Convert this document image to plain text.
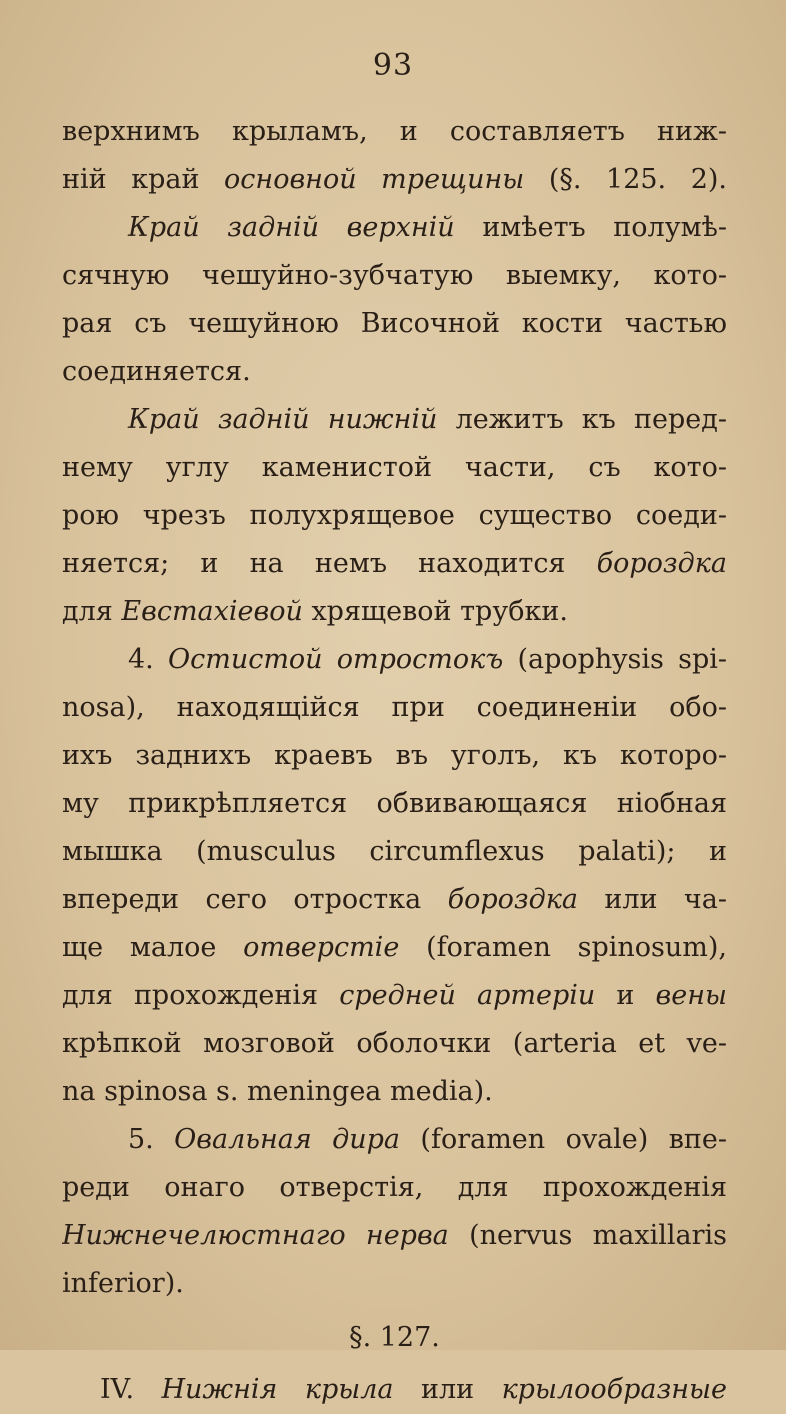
93
верхнимъ крыламъ, и составляетъ ниж-
ній край основной трещины (§. 125. 2).
Край задній верхній имѣетъ полумѣ-
сячную чешуйно-зубчатую выемку, кото-
рая съ чешуйною Височной кости частью
соединяется.
Край задній нижній лежитъ къ перед-
нему углу каменистой части, съ кото-
рою чрезъ полухрящевое существо соеди-
няется; и на немъ находится бороздка
для Евстахіевой хрящевой трубки.
4. Остистой отростокъ (apophysis spi-
nosa), находящійся при соединеніи обо-
ихъ заднихъ краевъ въ уголъ, къ которо-
му прикрѣпляется обвивающаяся ніобная
мышка (musculus circumflexus palati); и
впереди сего отростка бороздка или ча-
ще малое отверстіе (foramen spinosum),
для прохожденія средней артеріи и вены
крѣпкой мозговой оболочки (arteria et ve-
na spinosa s. meningea media).
5. Овальная дира (foramen ovale) впе-
реди онаго отверстія, для прохожденія
Нижнечелюстнаго нерва (nervus maxillaris
inferior).
§. 127.
IV. Нижнія крыла или крылообразные
